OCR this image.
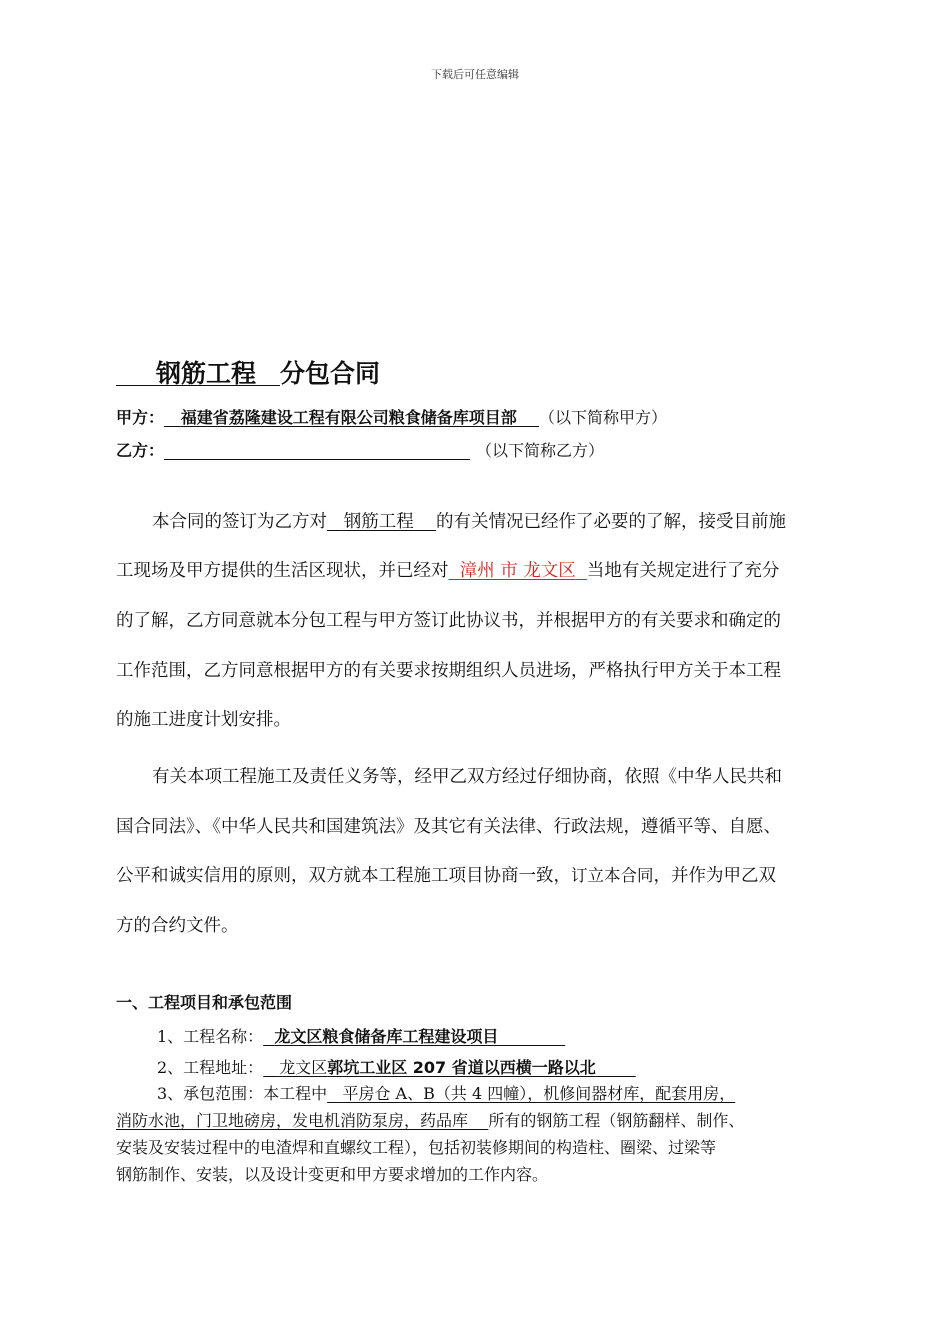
下载后可任意编辑
钢筋工程 分包合同
甲方： 福建省荔隆建设工程有限公司粮食储备库项目部 （以下简称甲方）
乙方：	（以下简称乙方）
本合同的签订为乙方对 钢筋工程 的有关情况已经作了必要的了解，接受目前施
工现场及甲方提供的生活区现状，并已经对 漳州 市 龙文区 当地有关规定进行了充分
的了解，乙方同意就本分包工程与甲方签订此协议书，并根据甲方的有关要求和确定的
工作范围，乙方同意根据甲方的有关要求按期组织人员进场，严格执行甲方关于本工程
的施工进度计划安排。
有关本项工程施工及责任义务等，经甲乙双方经过仔细协商，依照《中华人民共和
国合同法》、《中华人民共和国建筑法》及其它有关法律、行政法规，遵循平等、自愿、
公平和诚实信用的原则，双方就本工程施工项目协商一致，订立本合同，并作为甲乙双
方的合约文件。
一、工程项目和承包范围
1、工程名称： 龙文区粮食储备库工程建设项目
2、工程地址： 龙文区郭坑工业区 207 省道以西横一路以北
3、承包范围：本工程中 平房仓 A、B（共 4 四幢），机修间器材库，配套用房，
消防水池，门卫地磅房，发电机消防泵房，药品库 所有的钢筋工程（钢筋翻样、制作、
安装及安装过程中的电渣焊和直螺纹工程），包括初装修期间的构造柱、圈梁、过梁等
钢筋制作、安装，以及设计变更和甲方要求增加的工作内容。
